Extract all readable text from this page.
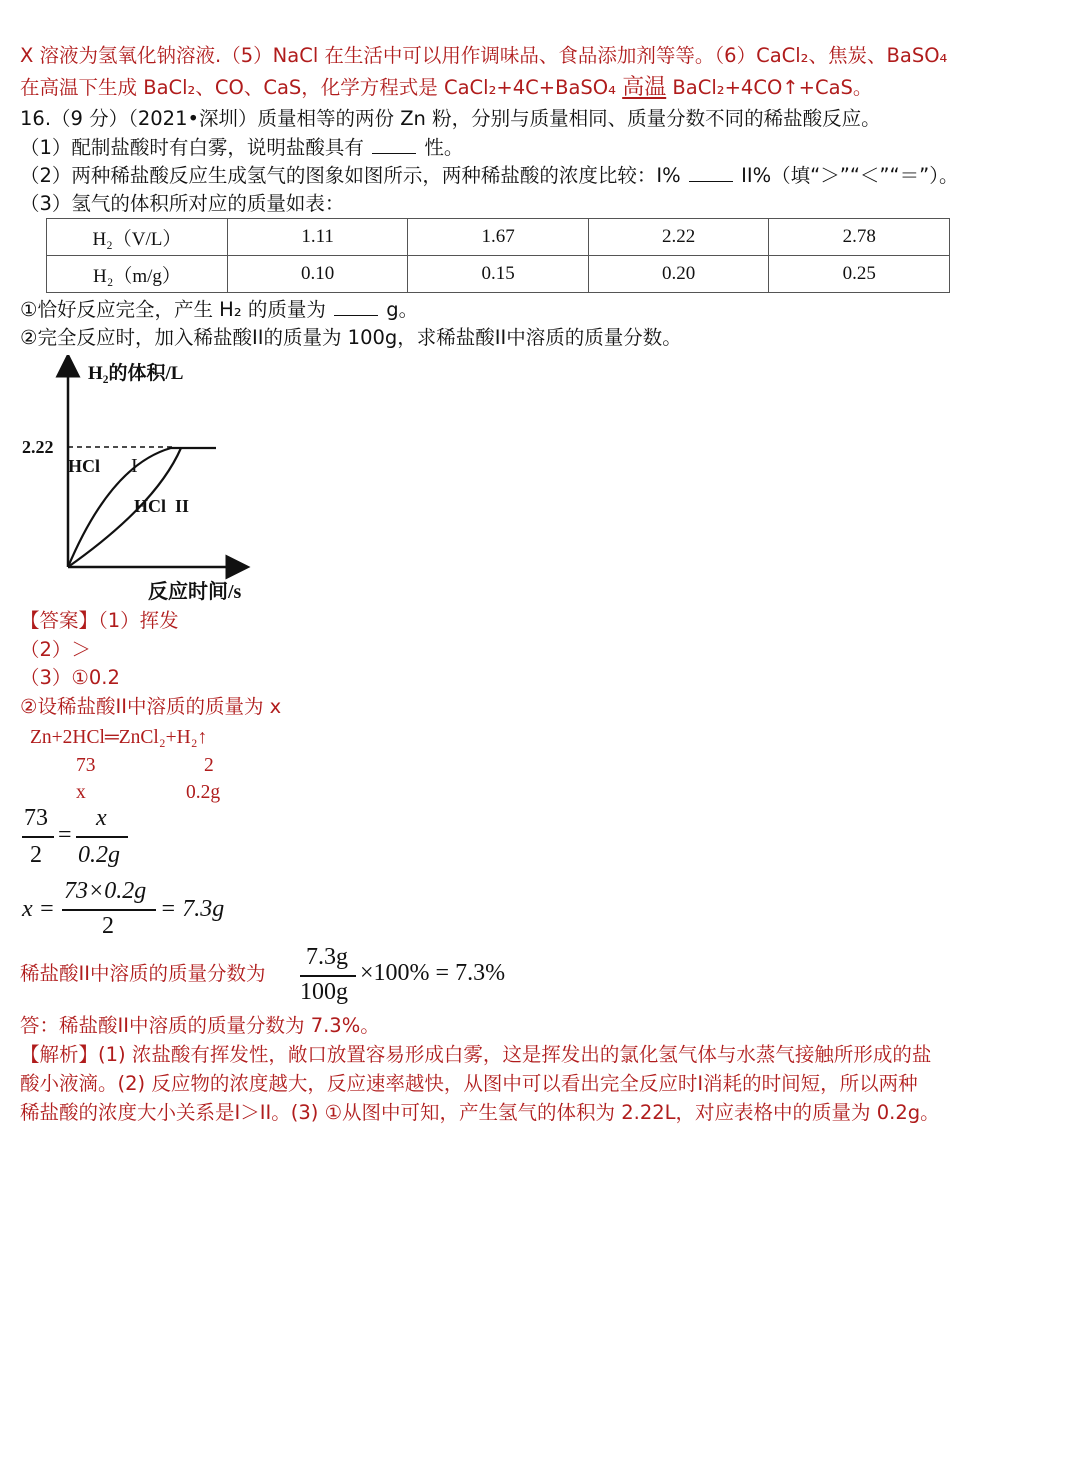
X 溶液为氢氧化钠溶液.（5）NaCl 在生活中可以用作调味品、食品添加剂等等。（6）CaCl₂、焦炭、BaSO₄
在高温下生成 BaCl₂、CO、CaS，化学方程式是 CaCl₂+4C+BaSO₄ 高温 BaCl₂+4CO↑+CaS。
16.（9 分）（2021•深圳）质量相等的两份 Zn 粉，分别与质量相同、质量分数不同的稀盐酸反应。
（1）配制盐酸时有白雾，说明盐酸具有	性。
（2）两种稀盐酸反应生成氢气的图象如图所示，两种稀盐酸的浓度比较：I%	II%（填“＞”“＜”“＝”）。
（3）氢气的体积所对应的质量如表：
H₂（V/L）	1.11	1.67	2.22	2.78
H₂（m/g）	0.10	0.15	0.20	0.25
①恰好反应完全，产生 H₂ 的质量为	g。
②完全反应时，加入稀盐酸II的质量为 100g，求稀盐酸II中溶质的质量分数。
H₂的体积/L
2.22
HCl I
HCl  II
反应时间/s
【答案】（1）挥发
（2）＞
（3）①0.2
②设稀盐酸II中溶质的质量为 x
Zn+2HCl═ZnCl₂+H₂↑
73	2
x	0.2g
73
2
=
x
0.2g
x =
73×0.2g
2
= 7.3g
稀盐酸II中溶质的质量分数为
7.3g
100g
×100% = 7.3%
答：稀盐酸II中溶质的质量分数为 7.3%。
【解析】(1) 浓盐酸有挥发性，敞口放置容易形成白雾，这是挥发出的氯化氢气体与水蒸气接触所形成的盐
酸小液滴。(2) 反应物的浓度越大，反应速率越快，从图中可以看出完全反应时I消耗的时间短，所以两种
稀盐酸的浓度大小关系是I＞II。(3) ①从图中可知，产生氢气的体积为 2.22L，对应表格中的质量为 0.2g。
